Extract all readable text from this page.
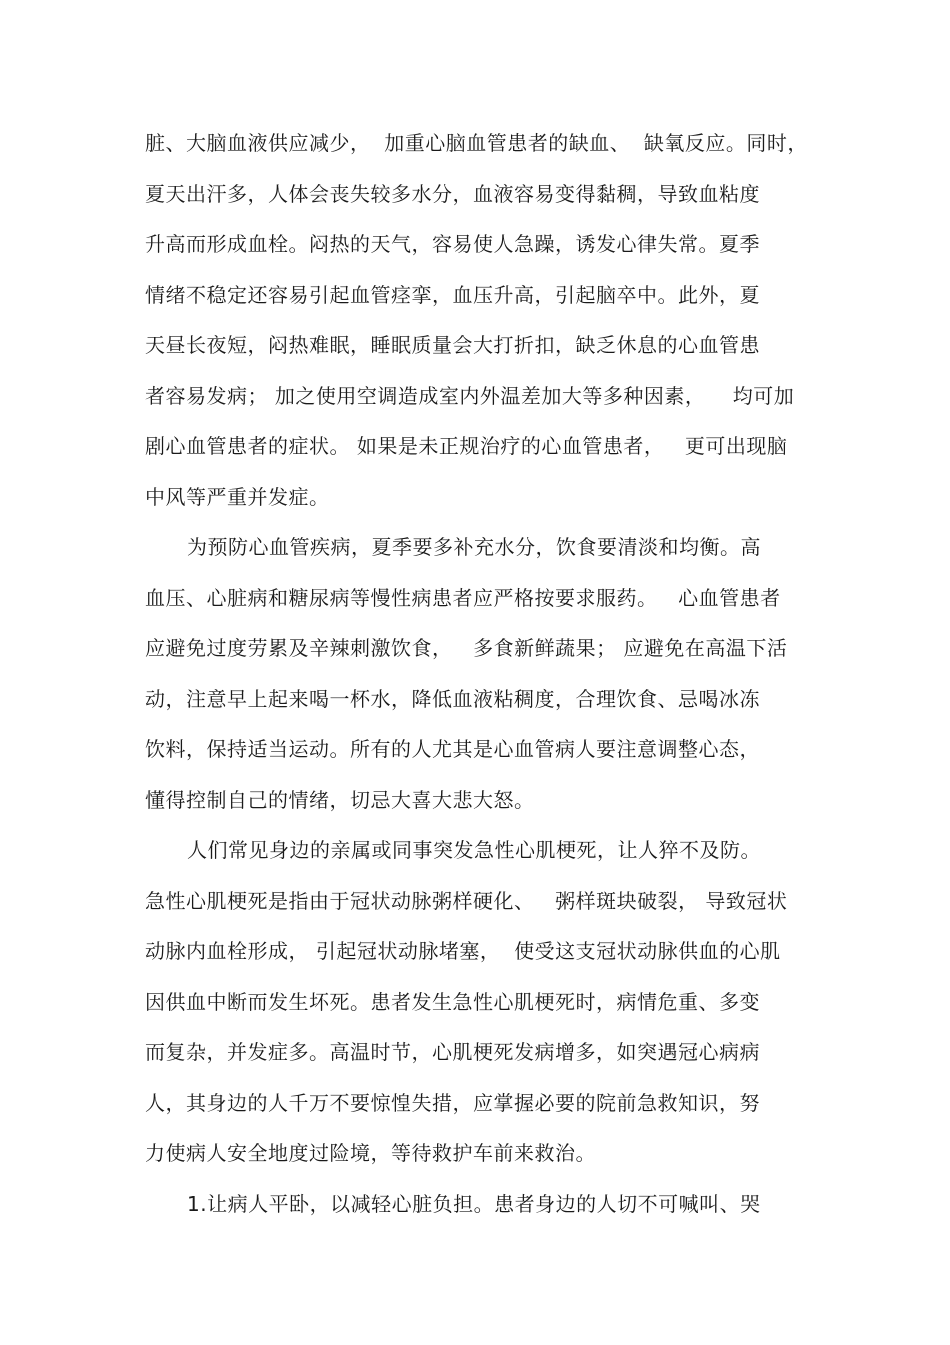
脏、大脑血液供应减少，  加重心脑血管患者的缺血、  缺氧反应。同时，
夏天出汗多，人体会丧失较多水分，血液容易变得黏稠，导致血粘度
升高而形成血栓。闷热的天气，容易使人急躁，诱发心律失常。夏季
情绪不稳定还容易引起血管痉挛，血压升高，引起脑卒中。此外，夏
天昼长夜短，闷热难眠，睡眠质量会大打折扣，缺乏休息的心血管患
者容易发病； 加之使用空调造成室内外温差加大等多种因素，    均可加
剧心血管患者的症状。 如果是未正规治疗的心血管患者，   更可出现脑
中风等严重并发症。
为预防心血管疾病，夏季要多补充水分，饮食要清淡和均衡。高
血压、心脏病和糖尿病等慢性病患者应严格按要求服药。   心血管患者
应避免过度劳累及辛辣刺激饮食，   多食新鲜蔬果； 应避免在高温下活
动，注意早上起来喝一杯水，降低血液粘稠度，合理饮食、忌喝冰冻
饮料，保持适当运动。所有的人尤其是心血管病人要注意调整心态，
懂得控制自己的情绪，切忌大喜大悲大怒。
人们常见身边的亲属或同事突发急性心肌梗死，让人猝不及防。
急性心肌梗死是指由于冠状动脉粥样硬化、   粥样斑块破裂， 导致冠状
动脉内血栓形成， 引起冠状动脉堵塞，  使受这支冠状动脉供血的心肌
因供血中断而发生坏死。患者发生急性心肌梗死时，病情危重、多变
而复杂，并发症多。高温时节，心肌梗死发病增多，如突遇冠心病病
人，其身边的人千万不要惊惶失措，应掌握必要的院前急救知识，努
力使病人安全地度过险境，等待救护车前来救治。
1.让病人平卧，以减轻心脏负担。患者身边的人切不可喊叫、哭
